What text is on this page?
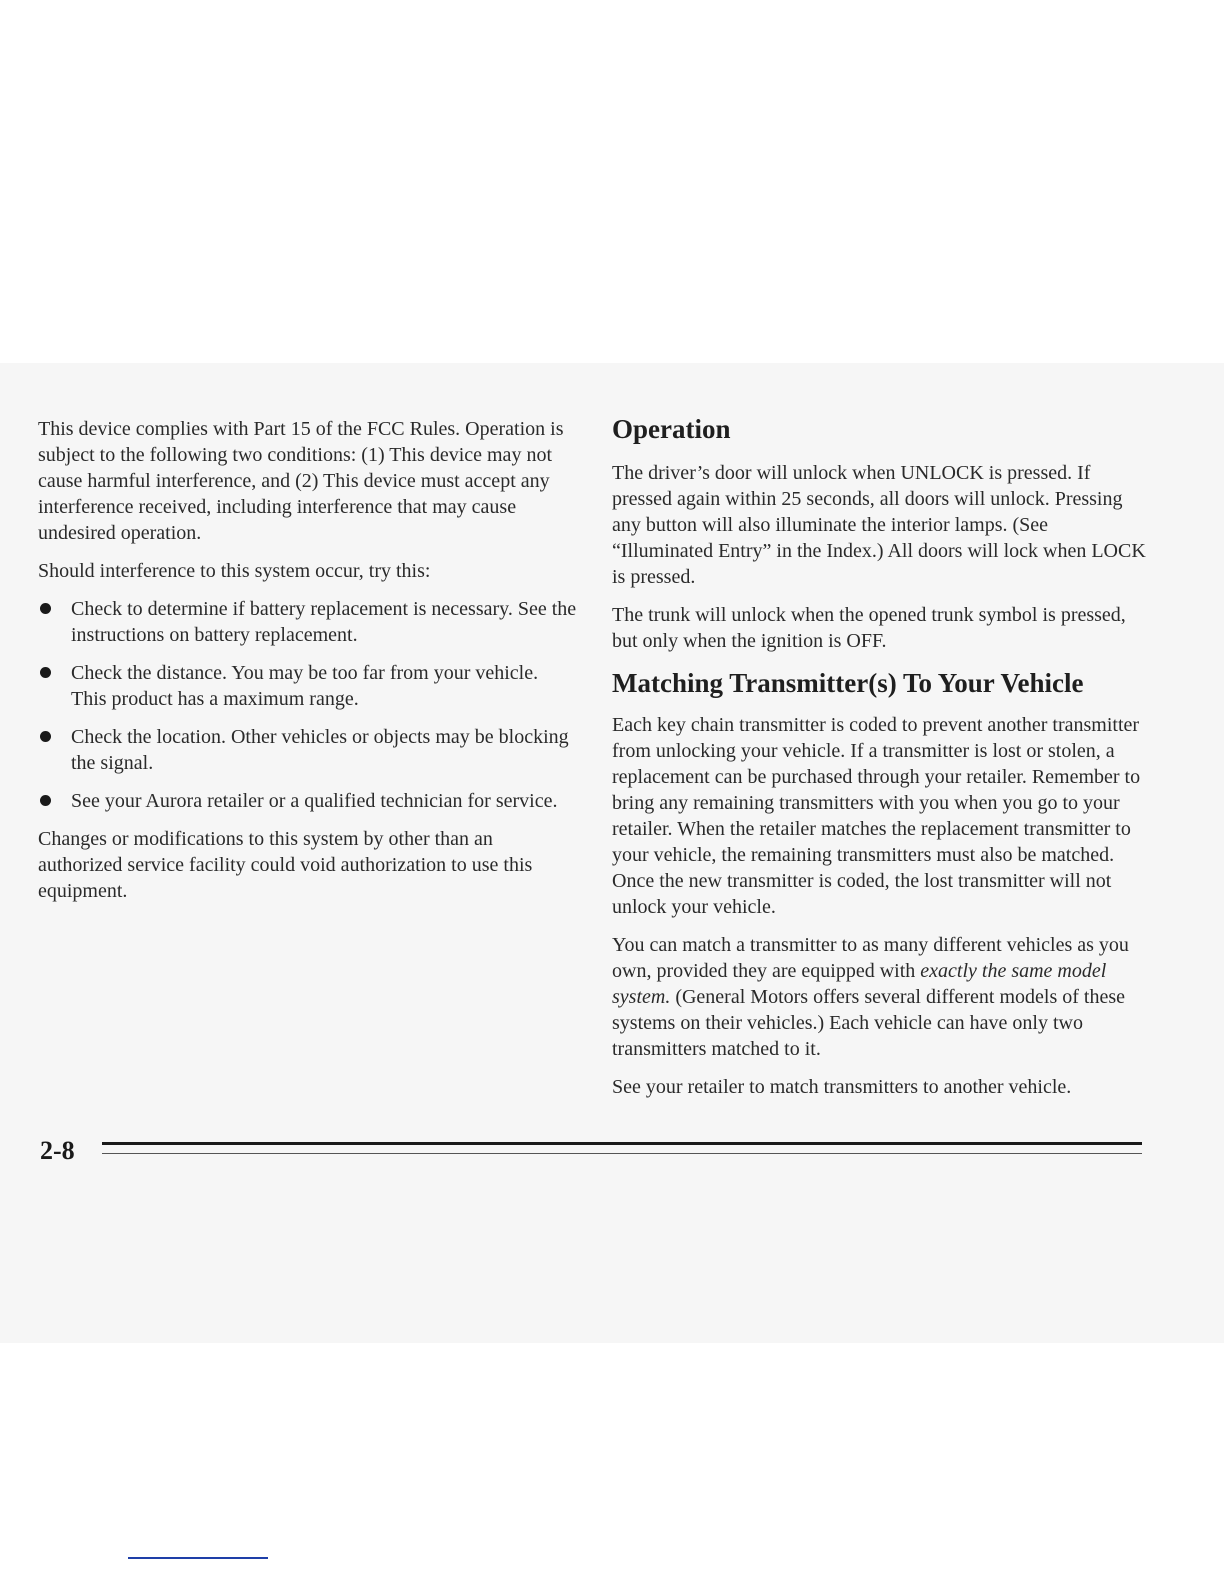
This device complies with Part 15 of the FCC Rules. Operation is subject to the following two conditions: (1) This device may not cause harmful interference, and (2) This device must accept any interference received, including interference that may cause undesired operation.

Should interference to this system occur, try this:

Check to determine if battery replacement is necessary. See the instructions on battery replacement.
Check the distance. You may be too far from your vehicle. This product has a maximum range.
Check the location. Other vehicles or objects may be blocking the signal.
See your Aurora retailer or a qualified technician for service.

Changes or modifications to this system by other than an authorized service facility could void authorization to use this equipment.

Operation

The driver’s door will unlock when UNLOCK is pressed. If pressed again within 25 seconds, all doors will unlock. Pressing any button will also illuminate the interior lamps. (See “Illuminated Entry” in the Index.) All doors will lock when LOCK is pressed.

The trunk will unlock when the opened trunk symbol is pressed, but only when the ignition is OFF.

Matching Transmitter(s) To Your Vehicle

Each key chain transmitter is coded to prevent another transmitter from unlocking your vehicle. If a transmitter is lost or stolen, a replacement can be purchased through your retailer. Remember to bring any remaining transmitters with you when you go to your retailer. When the retailer matches the replacement transmitter to your vehicle, the remaining transmitters must also be matched. Once the new transmitter is coded, the lost transmitter will not unlock your vehicle.

You can match a transmitter to as many different vehicles as you own, provided they are equipped with exactly the same model system. (General Motors offers several different models of these systems on their vehicles.) Each vehicle can have only two transmitters matched to it.

See your retailer to match transmitters to another vehicle.

2-8
